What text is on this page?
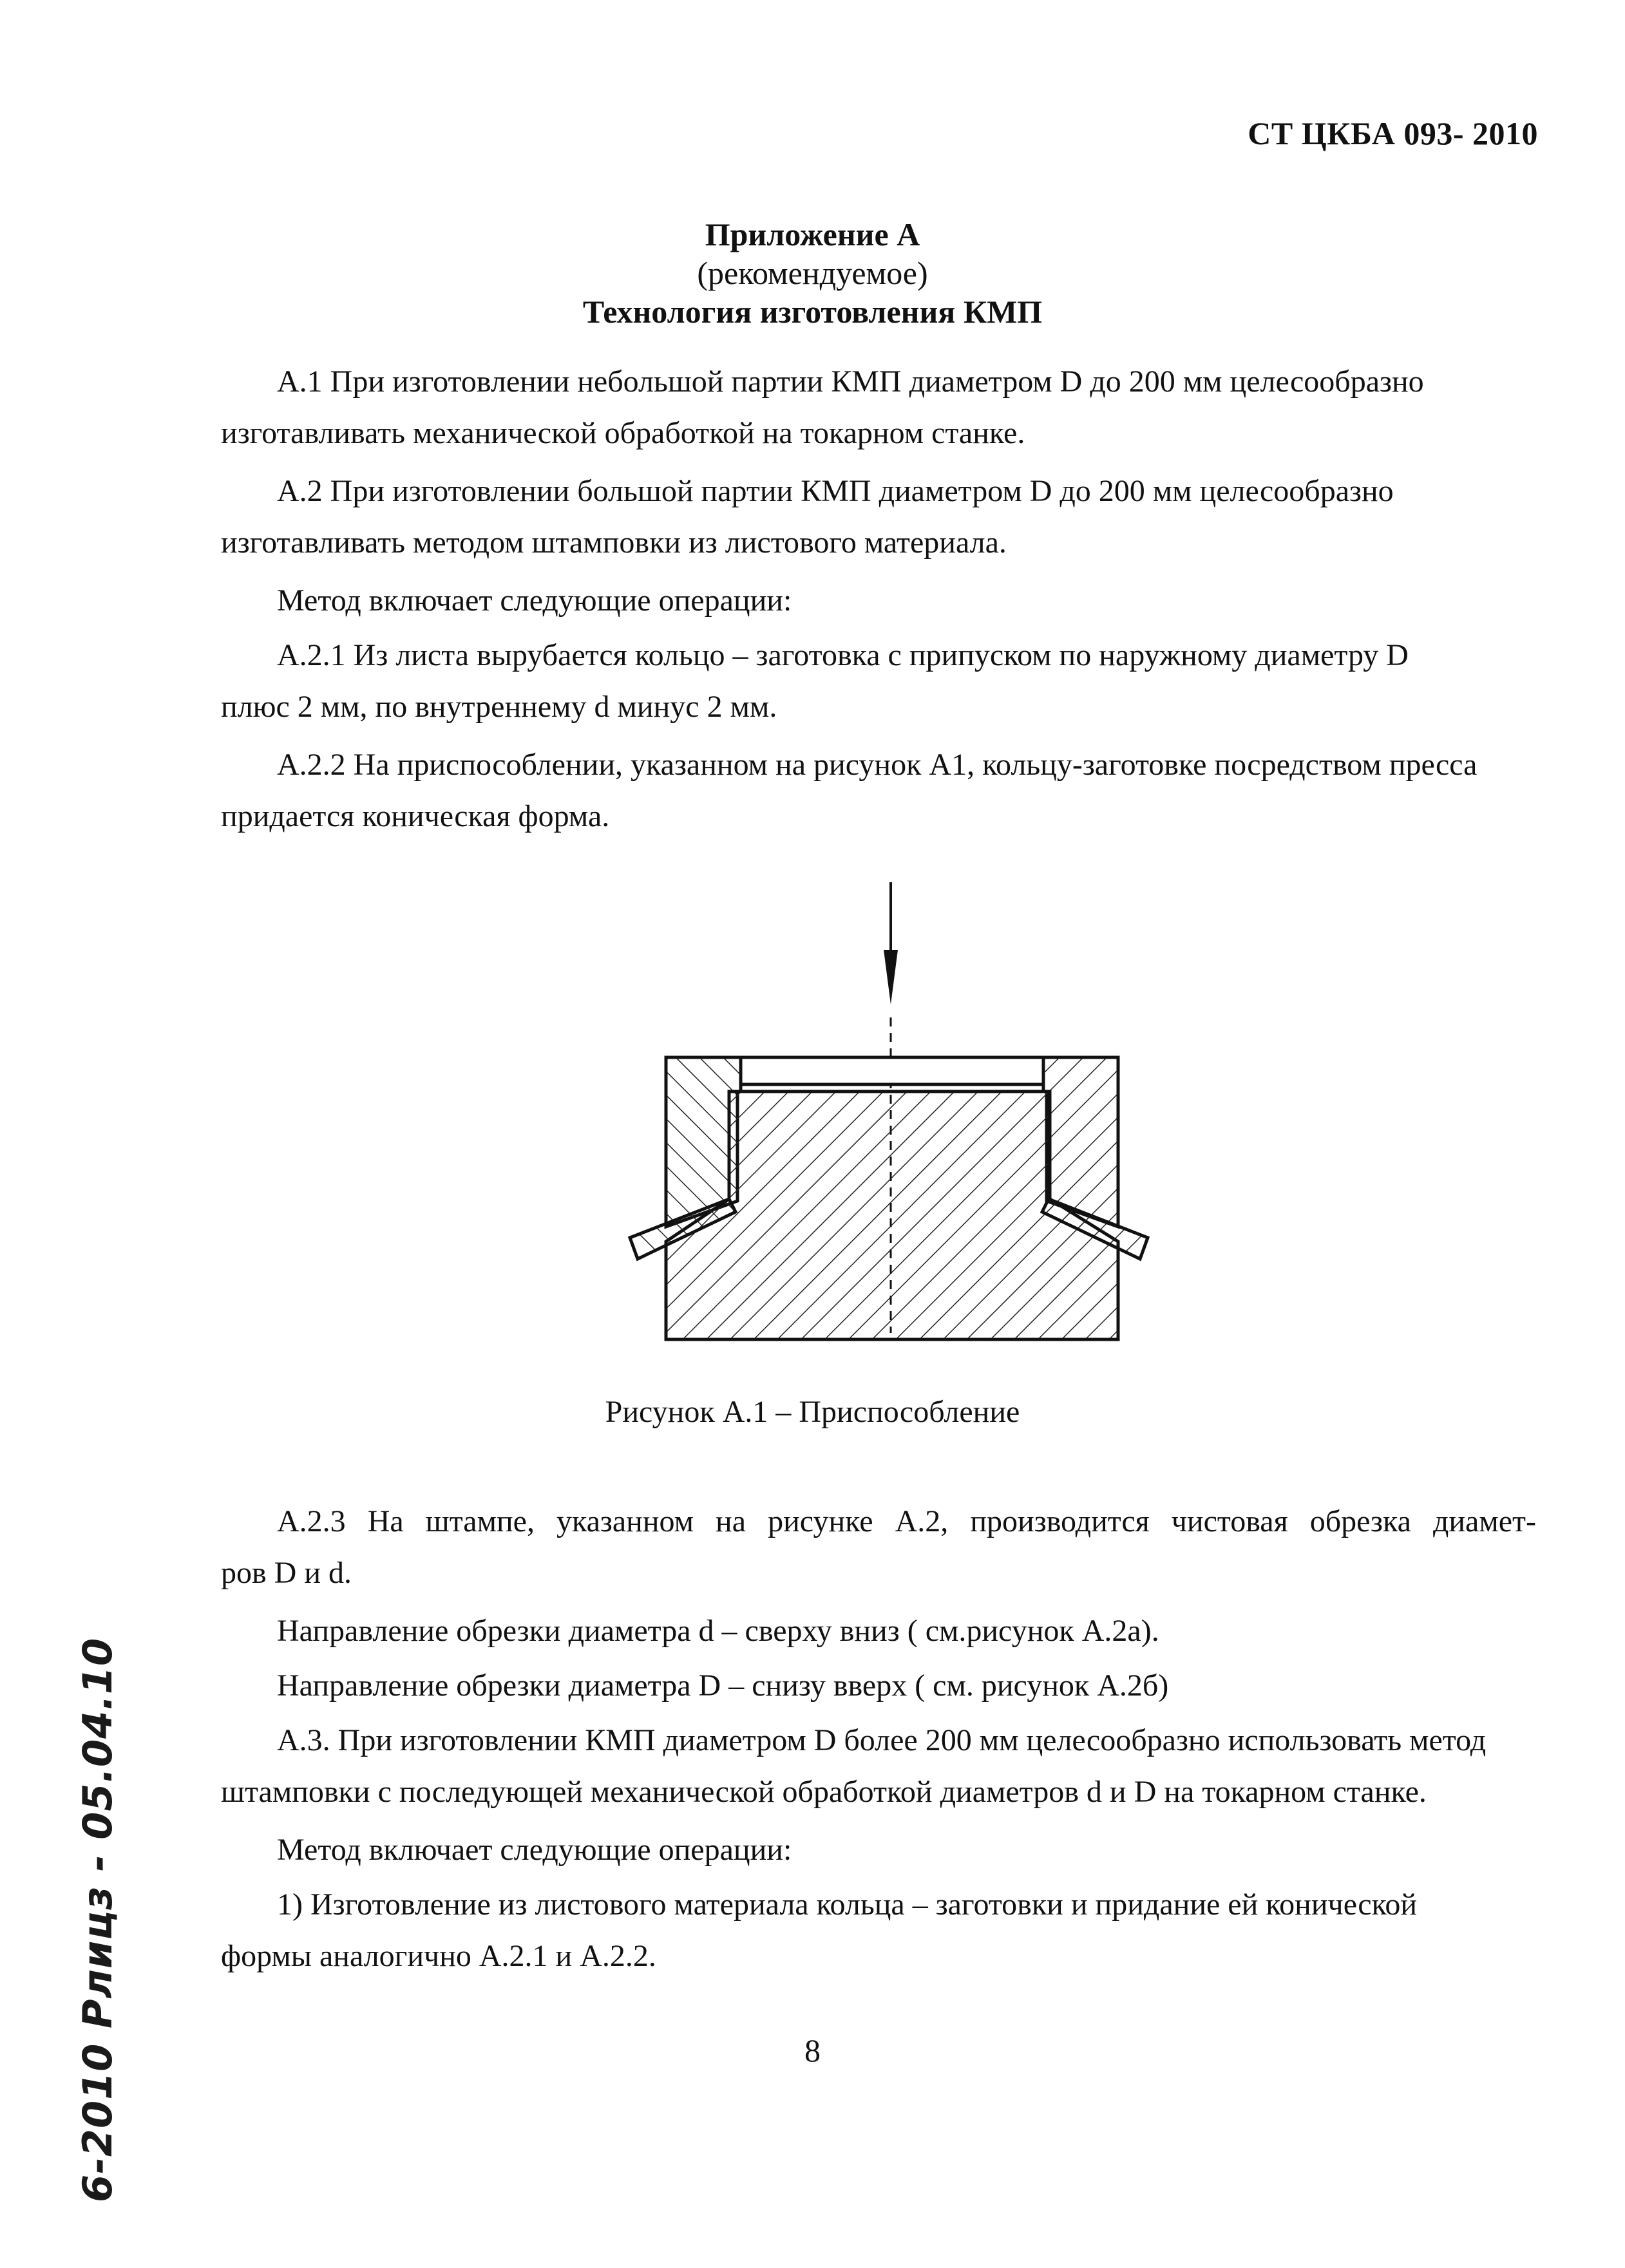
СТ ЦКБА 093- 2010
Приложение А
(рекомендуемое)
Технология изготовления КМП
А.1 При изготовлении небольшой партии КМП диаметром D до 200 мм целесообразно
изготавливать механической обработкой на токарном станке.
А.2 При изготовлении большой партии КМП диаметром D до 200 мм целесообразно
изготавливать методом штамповки из листового материала.
Метод включает следующие операции:
А.2.1 Из листа вырубается кольцо – заготовка с припуском по наружному диаметру D
плюс 2 мм, по внутреннему d минус 2 мм.
А.2.2 На приспособлении, указанном на рисунок А1, кольцу-заготовке посредством пресса
придается коническая форма.
Рисунок А.1 – Приспособление
А.2.3 На штампе, указанном на рисунке А.2, производится чистовая обрезка диамет-
ров D и d.
Направление обрезки диаметра d – сверху вниз ( см.рисунок А.2а).
Направление обрезки диаметра D – снизу вверх ( см. рисунок А.2б)
А.3. При изготовлении КМП диаметром D более 200 мм целесообразно использовать метод
штамповки с последующей механической обработкой диаметров d и D на токарном станке.
Метод включает следующие операции:
1) Изготовление из листового материала кольца – заготовки и придание ей конической
формы аналогично А.2.1 и А.2.2.
8
6-2010 Рлицз - 05.04.10
